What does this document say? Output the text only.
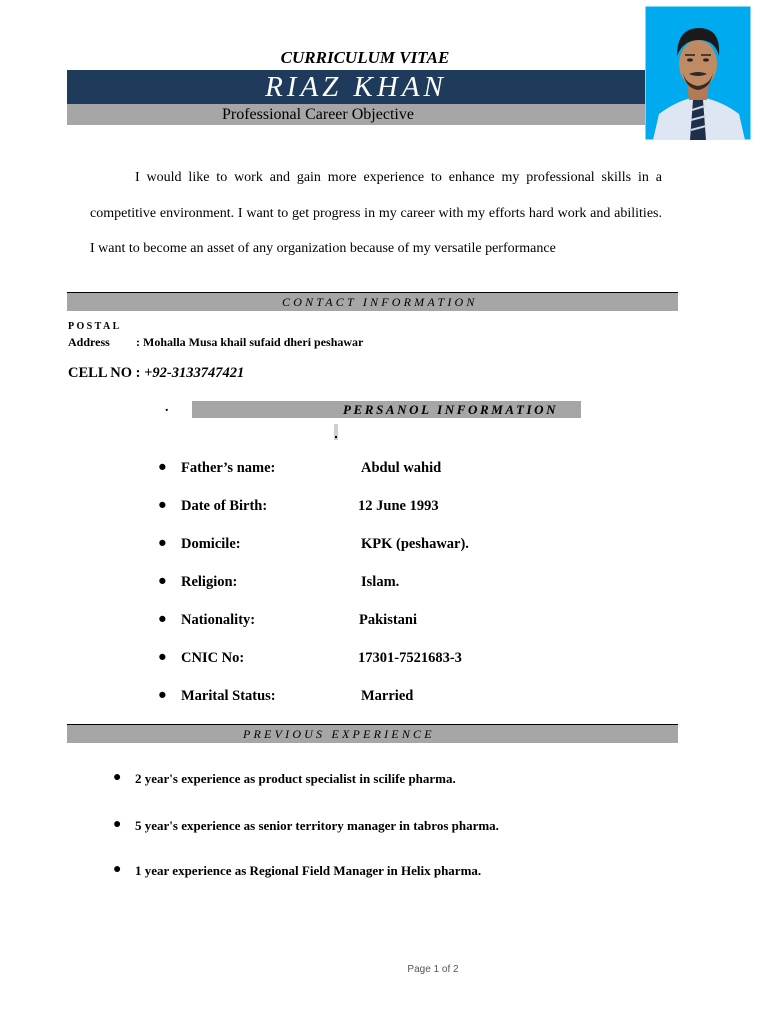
CURRICULUM VITAE
RIAZ KHAN
Professional Career Objective

I would like to work and gain more experience to enhance my professional skills in a competitive environment. I want to get progress in my career with my efforts hard work and abilities. I want to become an asset of any organization because of my versatile performance

CONTACT INFORMATION
POSTAL
Address : Mohalla Musa khail sufaid dheri peshawar
CELL NO : +92-3133747421
.	PERSANOL INFORMATION
● Father’s name:	Abdul wahid
● Date of Birth:	12 June 1993
● Domicile:	KPK (peshawar).
● Religion:	Islam.
● Nationality:	Pakistani
● CNIC No:	17301-7521683-3
● Marital Status:	Married
PREVIOUS EXPERIENCE
● 2 year's experience as product specialist in scilife pharma.
● 5 year's experience as senior territory manager in tabros pharma.
● 1 year experience as Regional Field Manager in Helix pharma.
Page 1 of 2
